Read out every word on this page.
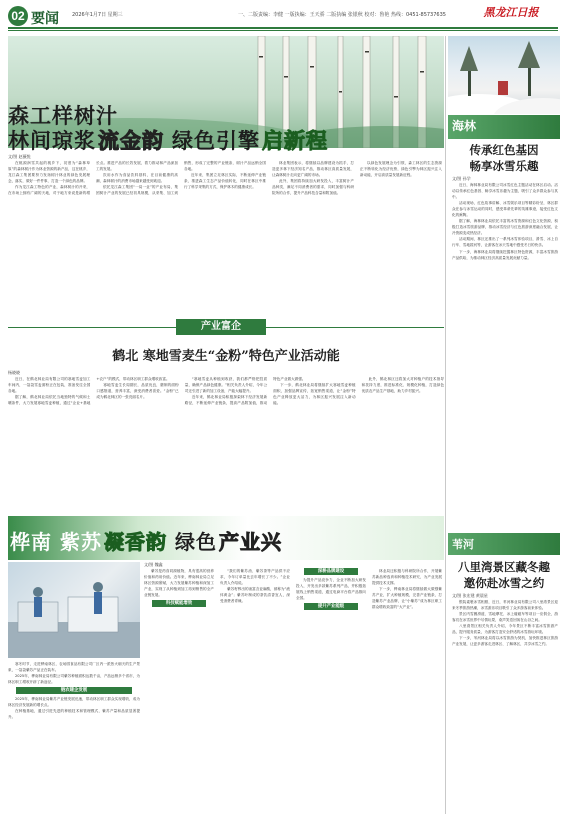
02 要闻	2026年1月7日 星期三	一、二版责编：李健 一版执编：王天骄 二版执编 张银秋 校对：鲁艳 热线：0451-85737635	黑龙江日报
森工样树汁
林间琼浆流金韵 绿色引擎启新程
文/图 赵薇悦

在桃源润雪共起的桃乡下，初度为“森林草原”的森林树汁作为林业资源的新产品，这在桃乡，龙江森工集团要努力发扬树汁林业的绿色发展理念，落实，做好一件件事，打造一个绿色的品牌。

作为龙江森工特色的产业，森林树汁的开采，在市场上拥有广阔的天地，对于地方来说是新的增长点。推进产品的长效发展，着力推动林产品深加工的发展。

饮用水作为食品饮料基料，在目前健康的高潮，森林树汁的消费市场越来越受到欢迎。

依托龙江森工集团“一局一业”的产业布局，集团树汁产业的发展已经初具规模，从采集、加工到销售，形成了完整的产业链条，树汁产品远销全国各地。

近年来，集团立足林区实际，不断延伸产业链条，推进森工生态产品价值转化，同时在林区中推行了科学采集的方式，保护林木的健康成长。

林业集团表示，将继续以品牌建设为抓手，打造更多林下经济知名产品，推动林区高质量发展，让森林树汁走向更广阔的市场。

此外，集团将持续加大研发投入，丰富树汁产品种类，满足不同消费者的需求，同时加强与科研院所的合作，提升产品科技含量和附加值。

以绿色发展理念为引领，森工林区的生态资源正不断转化为经济优势，绿色引擎为林区振兴注入新动能，开启高质量发展新征程。

海林
传承红色基因
畅享冰雪乐趣
文/图 孙学

近日，海林林业局有限公司冰雪红色主题活动在林区启动。活动以传承红色基因、畅享冰雪乐趣为主题，吸引了众多群众参与其中。

活动现场，红色故事讲解、冰雪娱乐项目等精彩纷呈，林区群众在参与冰雪运动的同时，感受革命先辈的英雄事迹，接受红色文化的熏陶。

据了解，海林林业局依托丰富的冰雪资源和红色文化资源，积极打造冰雪旅游品牌，推动冰雪经济与红色旅游深度融合发展，让冷资源变成热经济。

活动期间，林区还推出了一系列冰雪体验项目，滑雪、冰上自行车、雪地拔河等，让游客在冰天雪地中感受冬日的快乐。

下一步，海林林业局将继续挖掘林区特色资源，丰富冰雪旅游产品供给，为推动林区经济高质量发展贡献力量。

苇河
八里湾景区藏冬趣
邀你赴冰雪之约
文/图 张宏建 黄晨星

银装素裹冰雪相照，近日，苇河林业局有限公司八里湾景区迎来冬季旅游热潮，冰雪游乐项目吸引了众多游客前来体验。

景区内雪圈滑道、雪地摩托、冰上碰碰车等项目一应俱全，游客们在冰雪世界中尽情玩耍，欢声笑语回荡在山谷之间。

八里湾景区相关负责人介绍，今年景区不断丰富冰雪旅游产品，提升服务质量，为游客打造安全舒适的冰雪游玩环境。

下一步，苇河林业局将以冰雪旅游为契机，加快推进林区旅游产业发展，让更多游客走进林区、了解林区，共享冰雪之约。

产业富企
鹤北 寒地雪麦生“金粉”特色产业活动能
杨晓晓

近日，在鹤北林业局有限公司的寒地雪麦加工车间内，一袋袋雪麦面粉正在包装，准备发往全国各地。

据了解，鹤北林业局依托当地独特的气候和土壤条件，大力发展寒地雪麦种植，通过“企业+基地+农户”的模式，带动林区职工群众增收致富。

寒地雪麦生长周期长，品质优良，磨制的面粉口感筋道，营养丰富，深受消费者喜爱。“金粉”已成为鹤北林区的一张亮丽名片。

“寒地雪麦从种植到收获，我们都严格把控质量，确保产品绿色健康。”相关负责人介绍，今年公司还引进了新的加工设备，产能大幅提升。

近年来，鹤北林业局积极探索林下经济发展新路径，不断延伸产业链条，提高产品附加值，推动特色产业做大做强。

下一步，鹤北林业局将继续扩大寒地雪麦种植面积，加强品牌宣传，拓宽销售渠道，让“金粉”特色产业释放更大活力，为林区振兴发展注入新动能。

此外，鹤北林区还将加大对种植户的技术指导和扶持力度，推进标准化、规模化种植，打造绿色优质农产品生产基地，助力乡村振兴。

桦南 紫苏 凝香韵 绿色 产业兴

寒冬时节，走进桦南林区，农场园食品有限公司厂区内一派热火朝天的生产景象，一袋袋紫苏产品正在装车。

2025年，桦南林业局有限公司紫苏种植面积达数千亩，产品远销多个省市，为林区职工增收开辟了新途径。

链农建企发展

2025年，桦南林业局紫苏产业链发展迅速，带动林区职工群众实现增收，成为林区经济发展新的增长点。

在种植基地，通过引进先进的种植技术和管理模式，紫苏产量和品质显著提升。

文/图 魏鑫

紫苏是药食同源植物，具有很高的营养价值和药用价值。近年来，桦南林业局立足林区资源禀赋，大力发展紫苏种植和深加工产业，实现了从种植到加工再到销售的全产业链发展。

科技赋能增效

“我们的紫苏油、紫苏茶等产品供不应求，今年订单量比去年增长了不少。”企业负责人介绍说。

紫苏籽榨出的油富含亚麻酸，被称为“液体黄金”；紫苏叶制成的茶饮清香宜人，深受消费者青睐。

深耕品牌建设

为提升产品竞争力，企业不断加大研发投入，开发出多款紫苏系列产品，并积极拓展线上销售渠道，通过电商平台将产品推向全国。

提升产业能级

林业局还积极与科研院所合作，开展紫苏新品种选育和种植技术研究，为产业发展提供技术支撑。

下一步，桦南林业局将继续做大做强紫苏产业，扩大种植规模，完善产业链条，打造紫苏产业品牌，让“小紫苏”成为林区职工群众增收致富的“大产业”。
